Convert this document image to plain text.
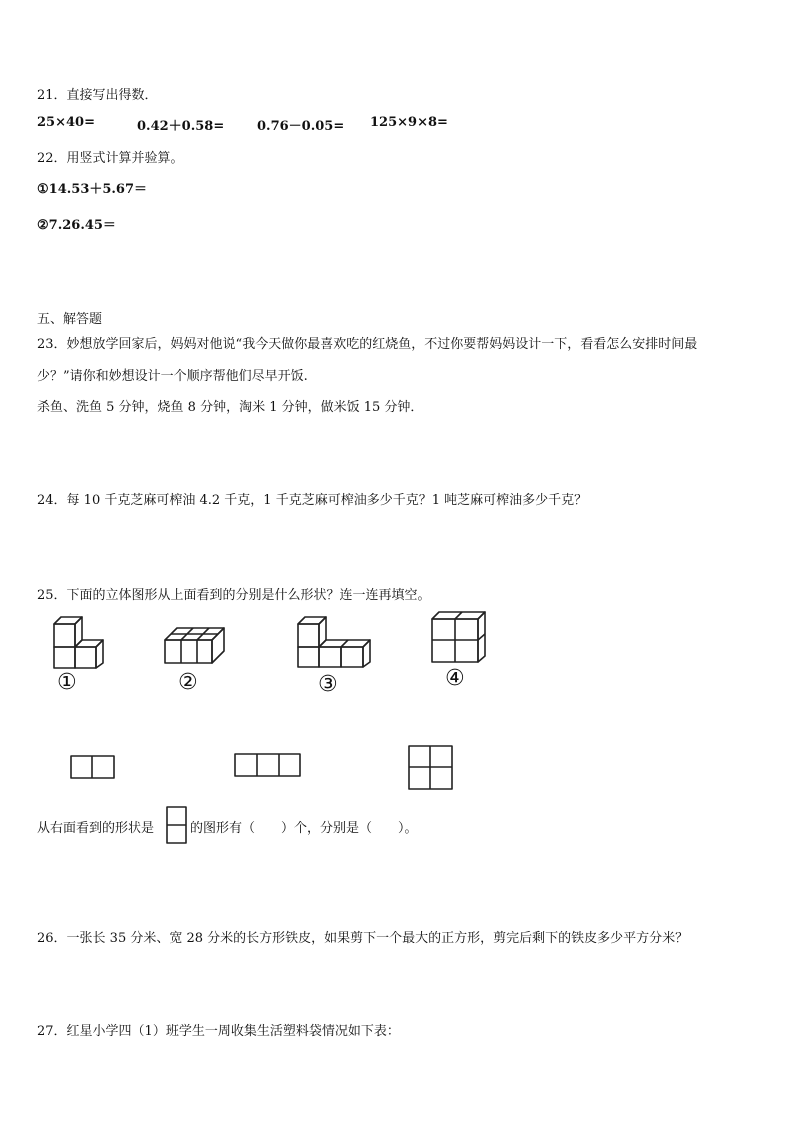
21．直接写出得数．
25×40=	0.42＋0.58=	0.76－0.05= 125×9×8=
22．用竖式计算并验算。
①14.53＋5.67＝
②7.26.45＝
五、解答题
23．妙想放学回家后，妈妈对他说“我今天做你最喜欢吃的红烧鱼，不过你要帮妈妈设计一下，看看怎么安排时间最
少？”请你和妙想设计一个顺序帮他们尽早开饭.
杀鱼、洗鱼 5 分钟，烧鱼 8 分钟，淘米 1 分钟，做米饭 15 分钟．
24．每 10 千克芝麻可榨油 4.2 千克，1 千克芝麻可榨油多少千克？1 吨芝麻可榨油多少千克？
25．下面的立体图形从上面看到的分别是什么形状？连一连再填空。
①	②	③	④
从右面看到的形状是	的图形有（　　）个，分别是（　　）。
26．一张长 35 分米、宽 28 分米的长方形铁皮，如果剪下一个最大的正方形，剪完后剩下的铁皮多少平方分米？
27．红星小学四（1）班学生一周收集生活塑料袋情况如下表：
